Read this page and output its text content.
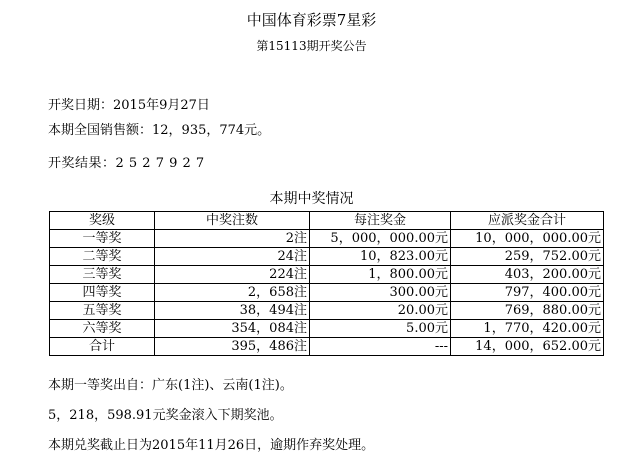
中国体育彩票7星彩
第15113期开奖公告
开奖日期：2015年9月27日
本期全国销售额：12，935，774元。
开奖结果：2 5 2 7 9 2 7
本期中奖情况
奖级	中奖注数	每注奖金	应派奖金合计
一等奖	2注	5，000，000.00元	10，000，000.00元
二等奖	24注	10，823.00元	259，752.00元
三等奖	224注	1，800.00元	403，200.00元
四等奖	2，658注	300.00元	797，400.00元
五等奖	38，494注	20.00元	769，880.00元
六等奖	354，084注	5.00元	1，770，420.00元
合计	395，486注	---	14，000，652.00元
本期一等奖出自：广东(1注)、云南(1注)。
5，218，598.91元奖金滚入下期奖池。
本期兑奖截止日为2015年11月26日，逾期作弃奖处理。
